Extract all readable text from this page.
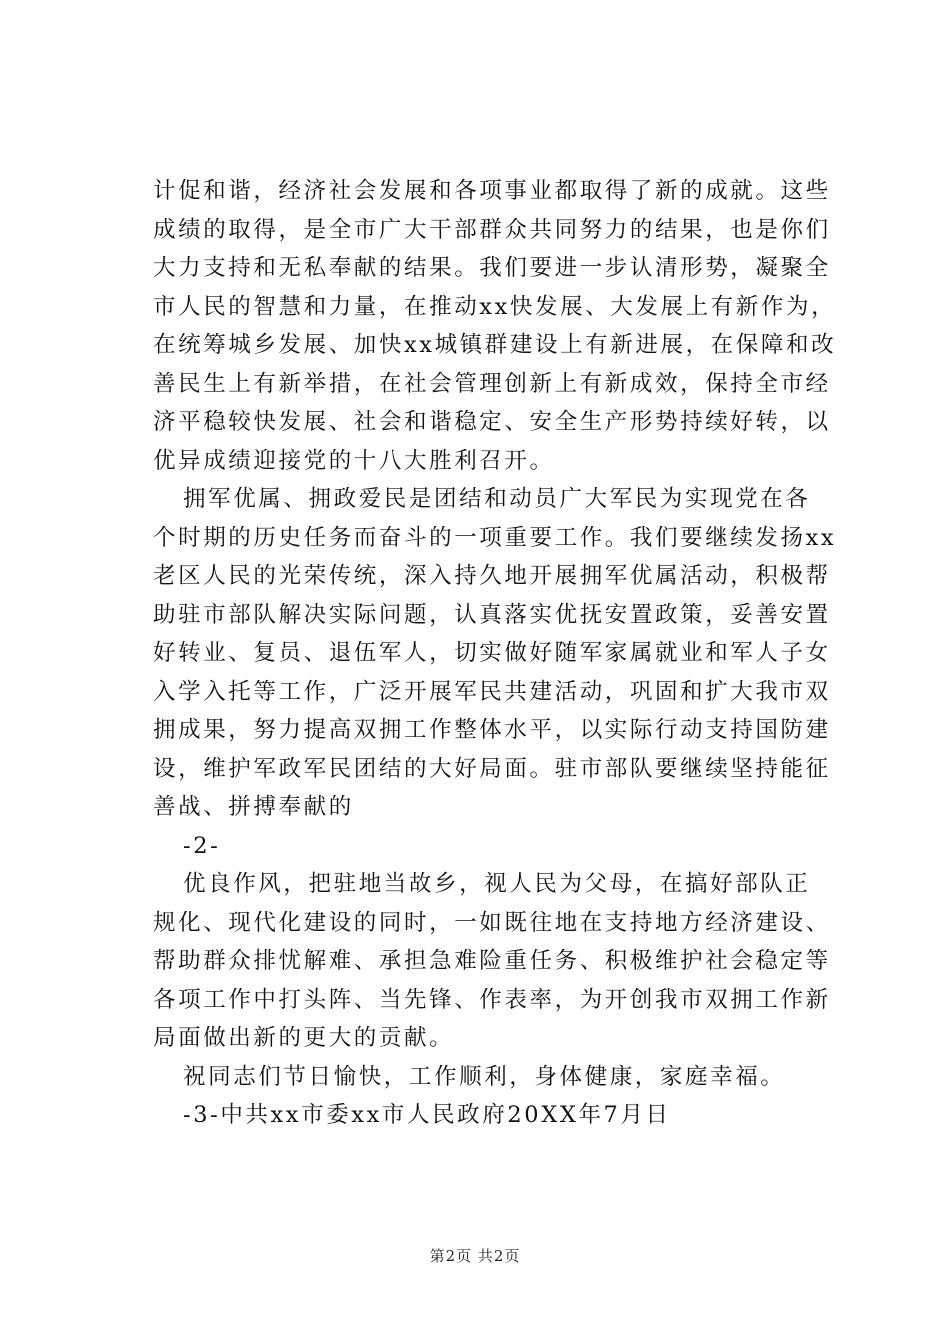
计促和谐，经济社会发展和各项事业都取得了新的成就。这些
成绩的取得，是全市广大干部群众共同努力的结果，也是你们
大力支持和无私奉献的结果。我们要进一步认清形势，凝聚全
市人民的智慧和力量，在推动xx快发展、大发展上有新作为，
在统筹城乡发展、加快xx城镇群建设上有新进展，在保障和改
善民生上有新举措，在社会管理创新上有新成效，保持全市经
济平稳较快发展、社会和谐稳定、安全生产形势持续好转，以
优异成绩迎接党的十八大胜利召开。
拥军优属、拥政爱民是团结和动员广大军民为实现党在各
个时期的历史任务而奋斗的一项重要工作。我们要继续发扬xx
老区人民的光荣传统，深入持久地开展拥军优属活动，积极帮
助驻市部队解决实际问题，认真落实优抚安置政策，妥善安置
好转业、复员、退伍军人，切实做好随军家属就业和军人子女
入学入托等工作，广泛开展军民共建活动，巩固和扩大我市双
拥成果，努力提高双拥工作整体水平，以实际行动支持国防建
设，维护军政军民团结的大好局面。驻市部队要继续坚持能征
善战、拼搏奉献的
-2-
优良作风，把驻地当故乡，视人民为父母，在搞好部队正
规化、现代化建设的同时，一如既往地在支持地方经济建设、
帮助群众排忧解难、承担急难险重任务、积极维护社会稳定等
各项工作中打头阵、当先锋、作表率，为开创我市双拥工作新
局面做出新的更大的贡献。
祝同志们节日愉快，工作顺利，身体健康，家庭幸福。
-3-中共xx市委xx市人民政府20XX年7月日
第2页 共2页
